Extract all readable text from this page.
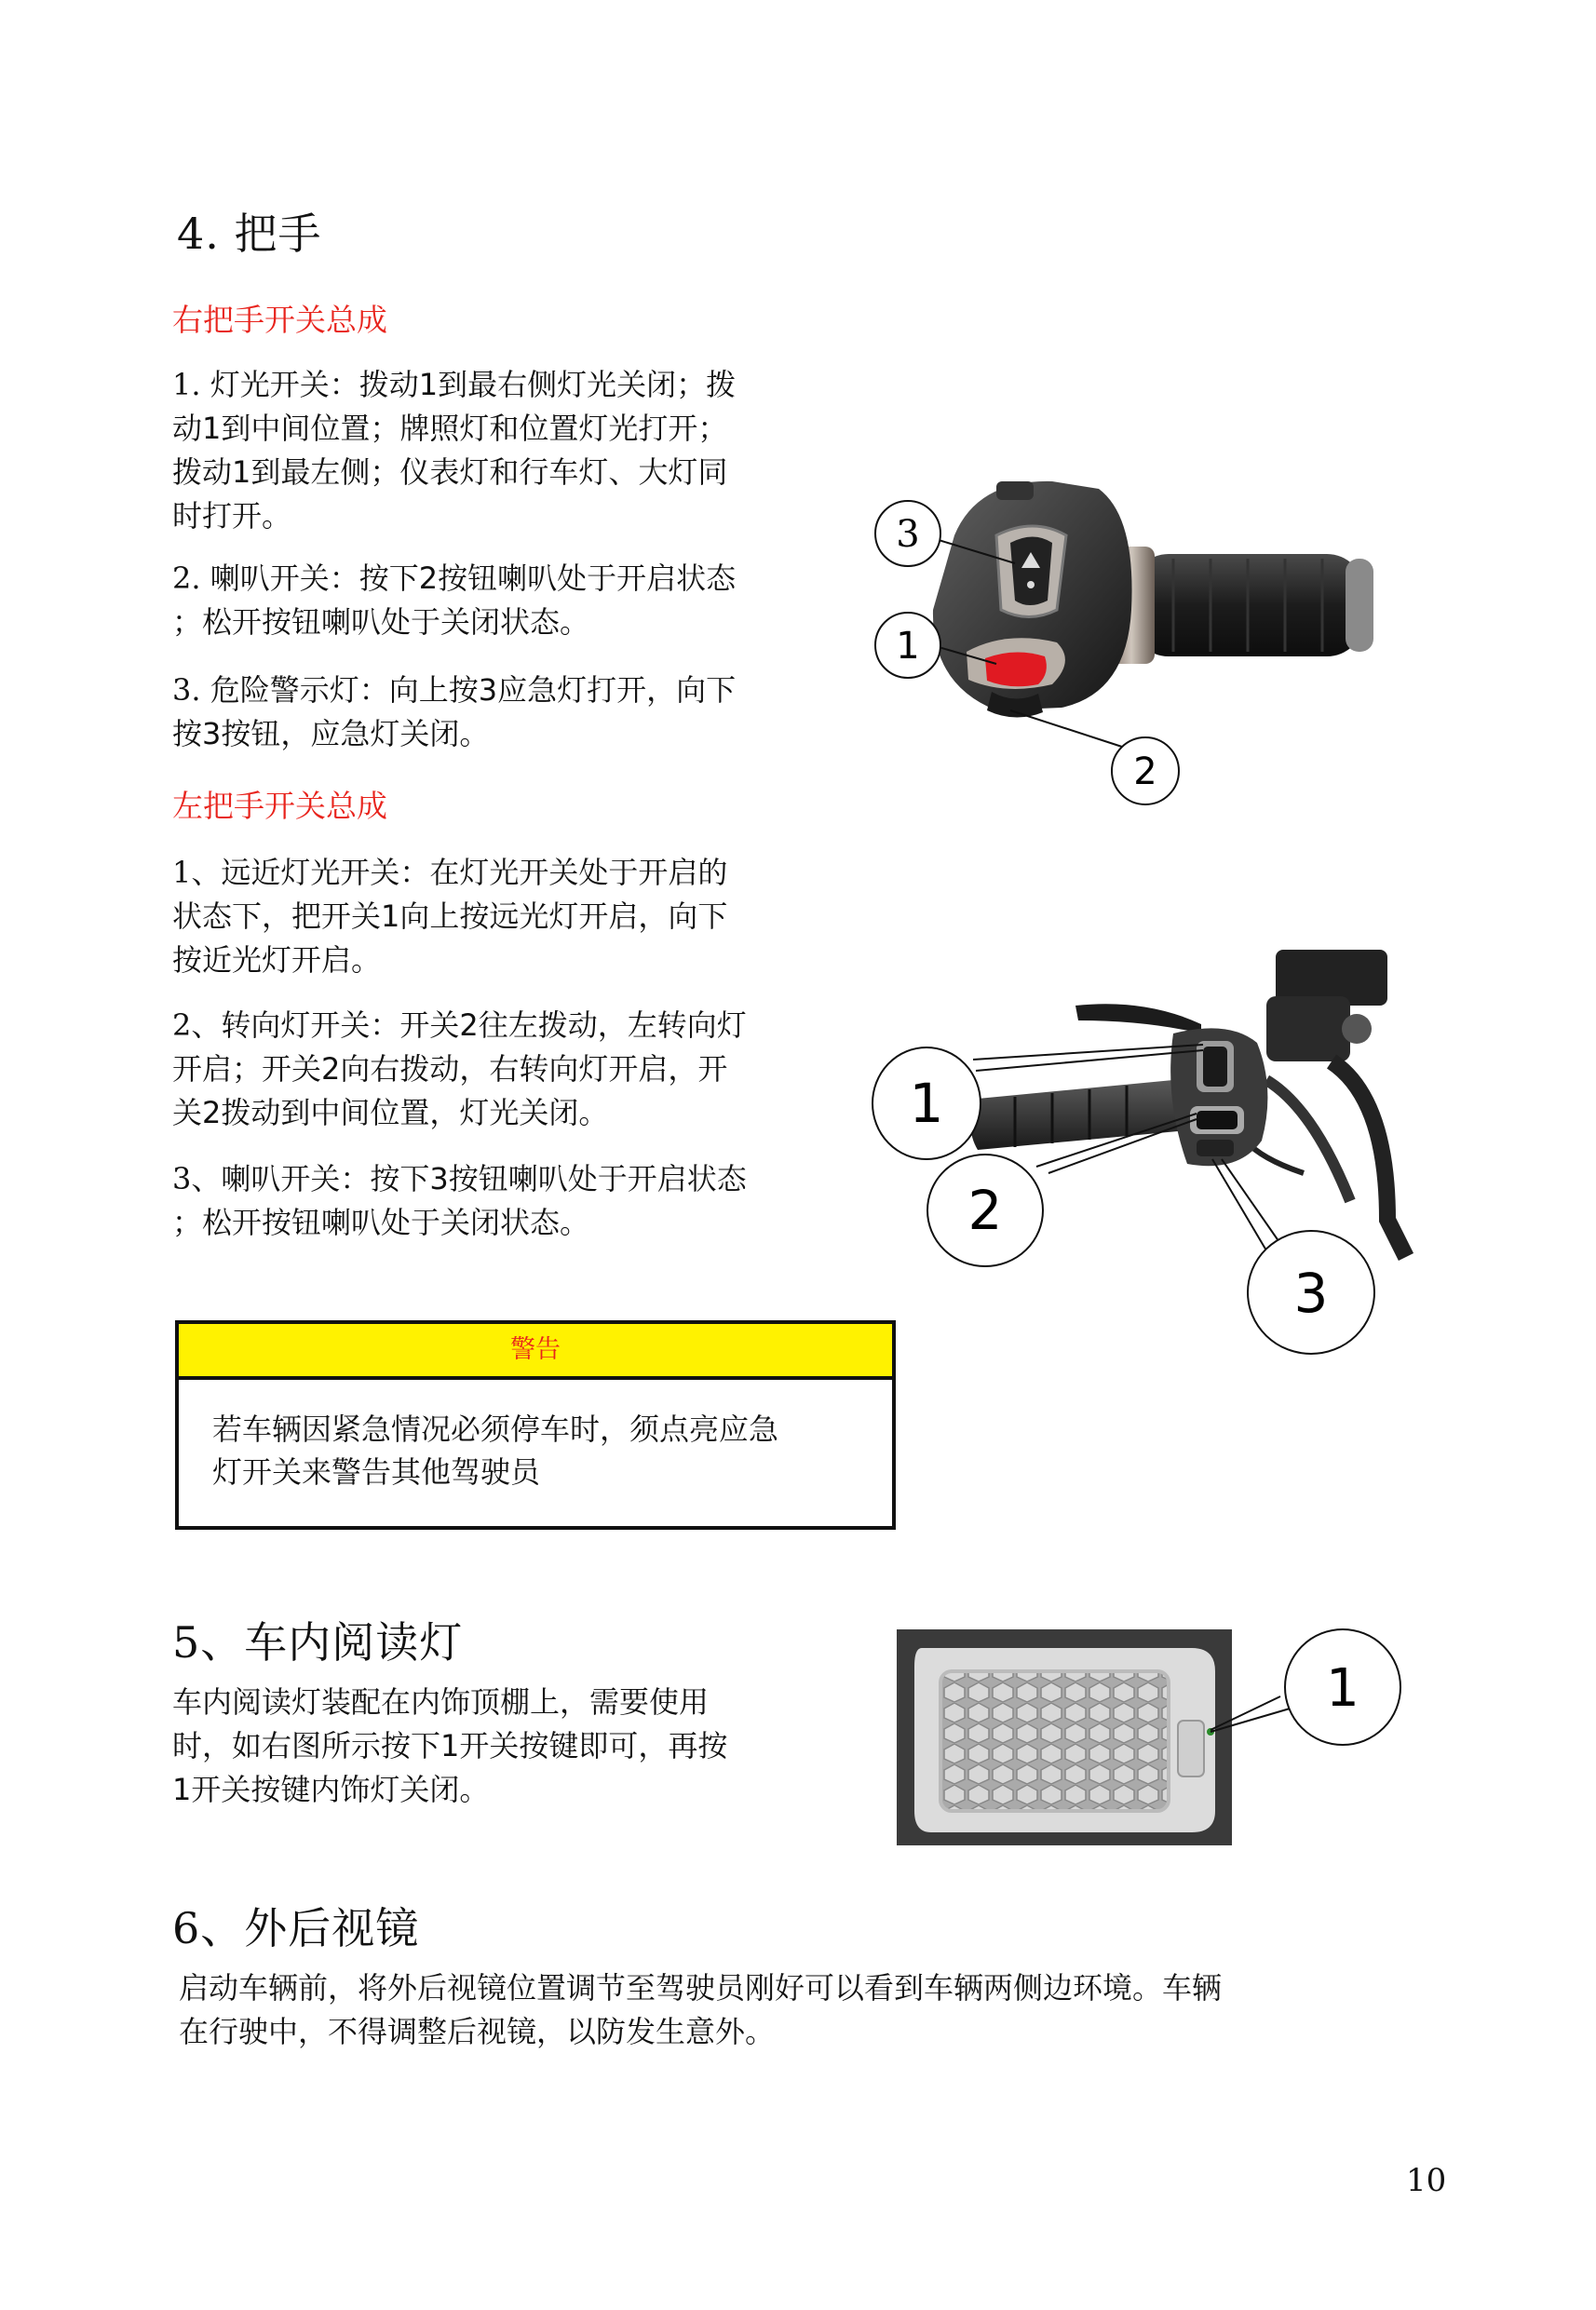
4. 把手
右把手开关总成
1. 灯光开关：拨动1到最右侧灯光关闭；拨
动1到中间位置；牌照灯和位置灯光打开；
拨动1到最左侧；仪表灯和行车灯、大灯同
时打开。
2. 喇叭开关：按下2按钮喇叭处于开启状态
；松开按钮喇叭处于关闭状态。
3. 危险警示灯：向上按3应急灯打开，向下
按3按钮，应急灯关闭。
左把手开关总成
1、远近灯光开关：在灯光开关处于开启的
状态下，把开关1向上按远光灯开启，向下
按近光灯开启。
2、转向灯开关：开关2往左拨动，左转向灯
开启；开关2向右拨动，右转向灯开启，开
关2拨动到中间位置，灯光关闭。
3、喇叭开关：按下3按钮喇叭处于开启状态
；松开按钮喇叭处于关闭状态。
警告
若车辆因紧急情况必须停车时，须点亮应急
灯开关来警告其他驾驶员
3
1
2
1
2
3
5、车内阅读灯
车内阅读灯装配在内饰顶棚上，需要使用
时，如右图所示按下1开关按键即可，再按
1开关按键内饰灯关闭。
1
6、外后视镜
启动车辆前，将外后视镜位置调节至驾驶员刚好可以看到车辆两侧边环境。车辆
在行驶中，不得调整后视镜，以防发生意外。
10
